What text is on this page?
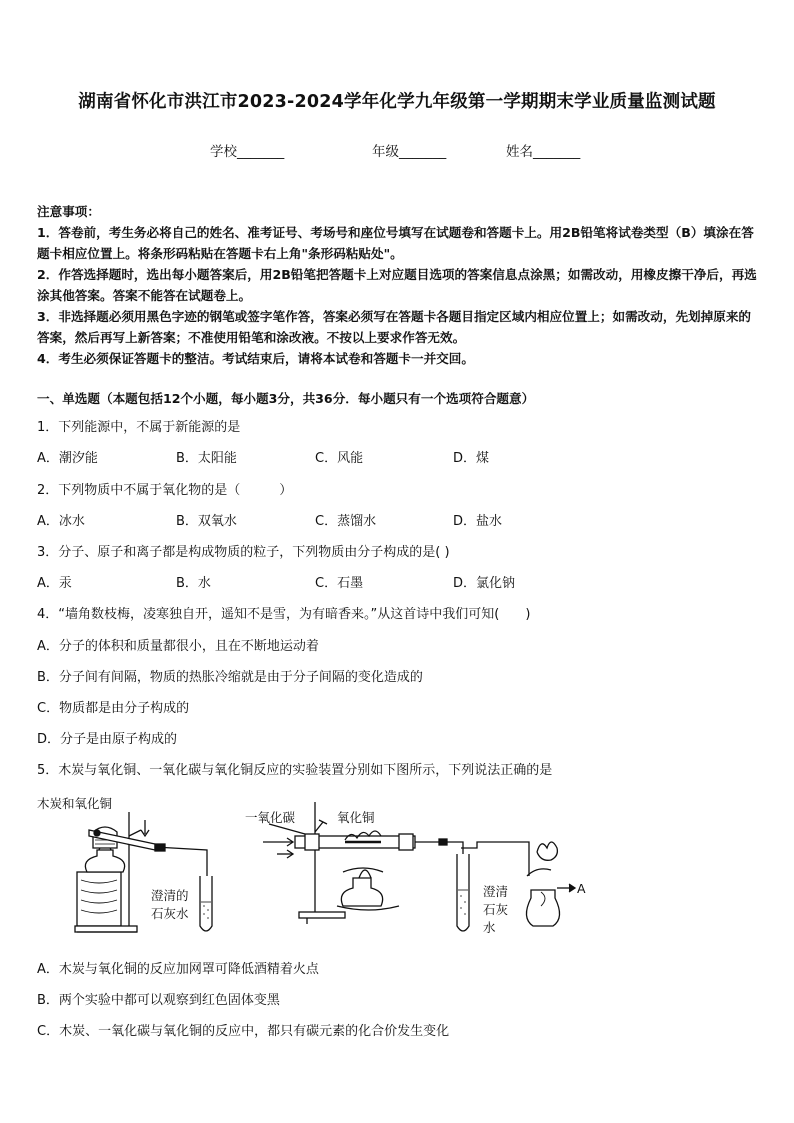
湖南省怀化市洪江市2023-2024学年化学九年级第一学期期末学业质量监测试题
学校_______	年级_______	姓名_______
注意事项：
1．答卷前，考生务必将自己的姓名、准考证号、考场号和座位号填写在试题卷和答题卡上。用2B铅笔将试卷类型（B）填涂在答题卡相应位置上。将条形码粘贴在答题卡右上角"条形码粘贴处"。
2．作答选择题时，选出每小题答案后，用2B铅笔把答题卡上对应题目选项的答案信息点涂黑；如需改动，用橡皮擦干净后，再选涂其他答案。答案不能答在试题卷上。
3．非选择题必须用黑色字迹的钢笔或签字笔作答，答案必须写在答题卡各题目指定区域内相应位置上；如需改动，先划掉原来的答案，然后再写上新答案；不准使用铅笔和涂改液。不按以上要求作答无效。
4．考生必须保证答题卡的整洁。考试结束后，请将本试卷和答题卡一并交回。
一、单选题（本题包括12个小题，每小题3分，共36分．每小题只有一个选项符合题意）
1．下列能源中，不属于新能源的是
A．潮汐能	B．太阳能	C．风能	D．煤
2．下列物质中不属于氧化物的是（　　　）
A．冰水	B．双氧水	C．蒸馏水	D．盐水
3．分子、原子和离子都是构成物质的粒子，下列物质由分子构成的是( )
A．汞	B．水	C．石墨	D．氯化钠
4．“墙角数枝梅，凌寒独自开，遥知不是雪，为有暗香来。”从这首诗中我们可知(　　)
A．分子的体积和质量都很小，且在不断地运动着
B．分子间有间隔，物质的热胀冷缩就是由于分子间隔的变化造成的
C．物质都是由分子构成的
D．分子是由原子构成的
5．木炭与氧化铜、一氧化碳与氧化铜反应的实验装置分别如下图所示，下列说法正确的是
木炭和氧化铜
澄清的
石灰水
一氧化碳	氧化铜
澄清
石灰
水
A
A．木炭与氧化铜的反应加网罩可降低酒精着火点
B．两个实验中都可以观察到红色固体变黑
C．木炭、一氧化碳与氧化铜的反应中，都只有碳元素的化合价发生变化
